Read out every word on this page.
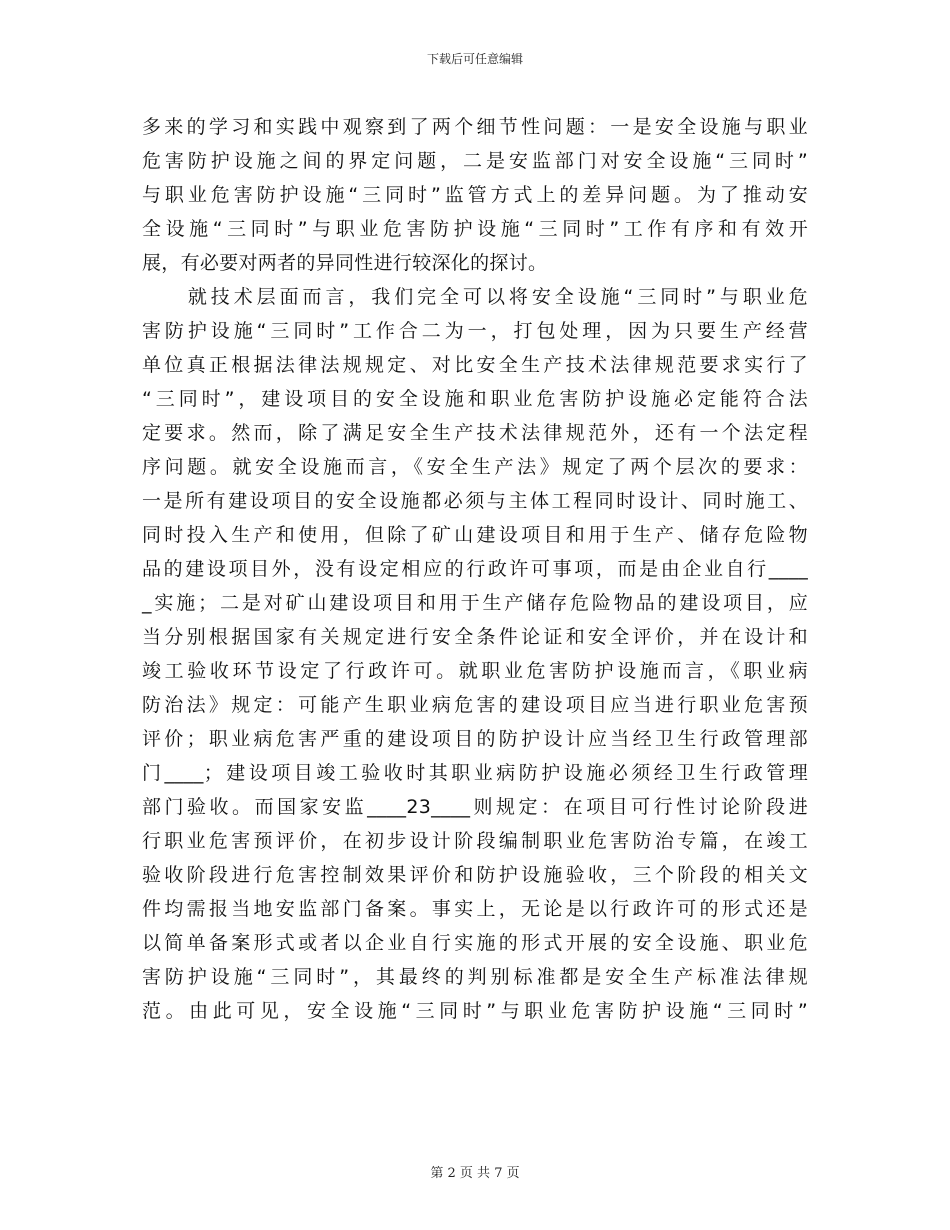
下载后可任意编辑
多来的学习和实践中观察到了两个细节性问题：一是安全设施与职业
危害防护设施之间的界定问题，二是安监部门对安全设施“三同时”
与职业危害防护设施“三同时”监管方式上的差异问题。为了推动安
全设施“三同时”与职业危害防护设施“三同时”工作有序和有效开
展，有必要对两者的异同性进行较深化的探讨。
　　就技术层面而言，我们完全可以将安全设施“三同时”与职业危
害防护设施“三同时”工作合二为一，打包处理，因为只要生产经营
单位真正根据法律法规规定、对比安全生产技术法律规范要求实行了
“三同时”，建设项目的安全设施和职业危害防护设施必定能符合法
定要求。然而，除了满足安全生产技术法律规范外，还有一个法定程
序问题。就安全设施而言，《安全生产法》规定了两个层次的要求：
一是所有建设项目的安全设施都必须与主体工程同时设计、同时施工、
同时投入生产和使用，但除了矿山建设项目和用于生产、储存危险物
品的建设项目外，没有设定相应的行政许可事项，而是由企业自行____
_实施；二是对矿山建设项目和用于生产储存危险物品的建设项目，应
当分别根据国家有关规定进行安全条件论证和安全评价，并在设计和
竣工验收环节设定了行政许可。就职业危害防护设施而言，《职业病
防治法》规定：可能产生职业病危害的建设项目应当进行职业危害预
评价；职业病危害严重的建设项目的防护设计应当经卫生行政管理部
门____；建设项目竣工验收时其职业病防护设施必须经卫生行政管理
部门验收。而国家安监____23____则规定：在项目可行性讨论阶段进
行职业危害预评价，在初步设计阶段编制职业危害防治专篇，在竣工
验收阶段进行危害控制效果评价和防护设施验收，三个阶段的相关文
件均需报当地安监部门备案。事实上，无论是以行政许可的形式还是
以简单备案形式或者以企业自行实施的形式开展的安全设施、职业危
害防护设施“三同时”，其最终的判别标准都是安全生产标准法律规
范。由此可见，安全设施“三同时”与职业危害防护设施“三同时”
第 2 页 共 7 页
